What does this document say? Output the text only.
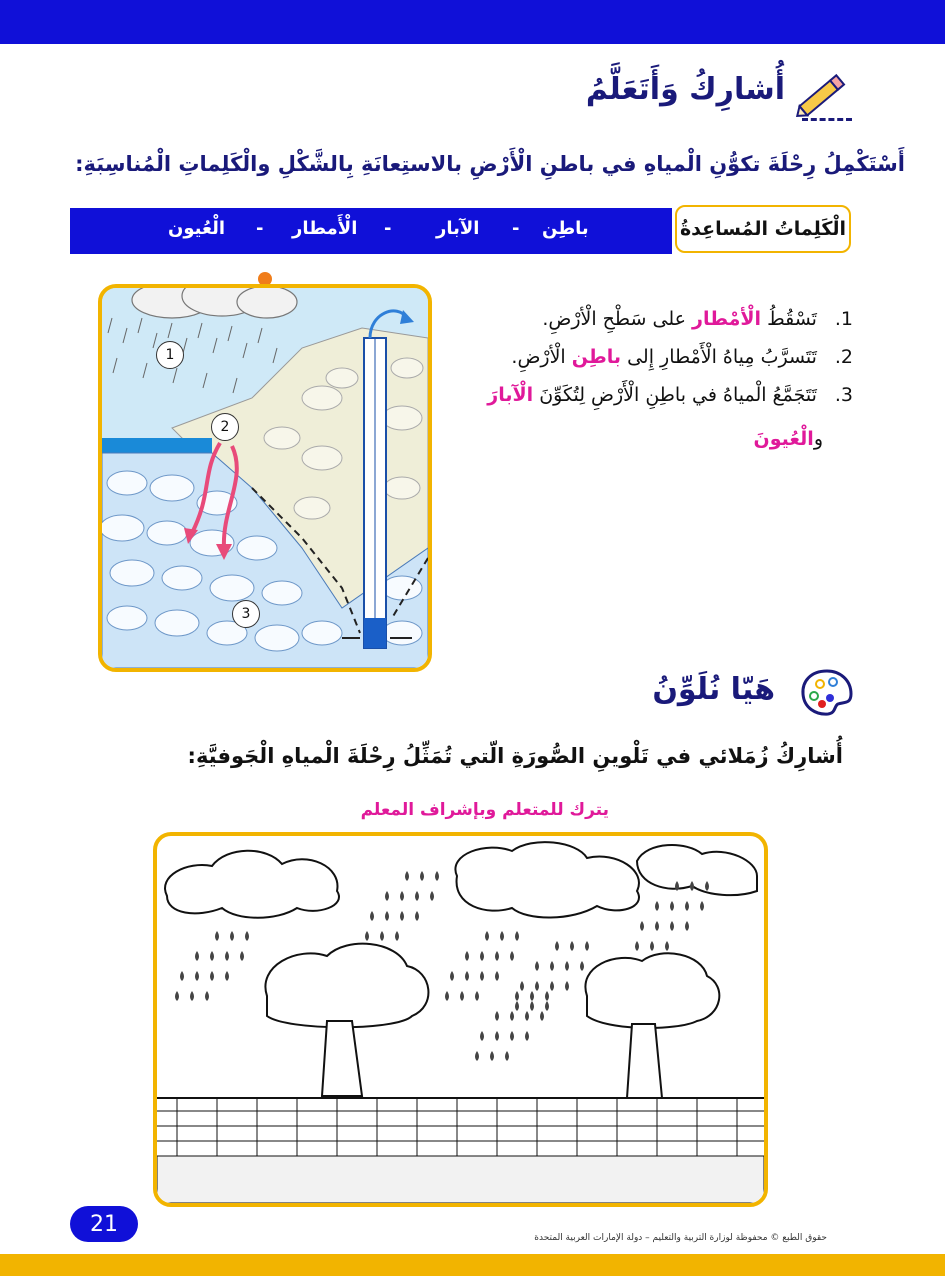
أُشارِكُ وَأَتَعَلَّمُ
أَسْتَكْمِلُ رِحْلَةَ تكوُّنِ الْمياهِ في باطنِ الْأَرْضِ بالاستِعانَةِ بِالشَّكْلِ والْكَلِماتِ الْمُناسِبَةِ:
الْكَلِماتُ المُساعِدةُ
باطِن
-
الآبار
-
الْأَمطار
-
الْعُيون
1
2
3
1. تَسْقُطُ الْأمْطار على سَطْحِ الْأرْضِ.
2. تَتَسرَّبُ مِياهُ الْأَمْطارِ إِلى باطِن الْأرْضِ.
3. تَتَجَمَّعُ الْمياهُ في باطِنِ الْأَرْضِ لِتُكَوِّنَ الْآبارَ
والْعُيونَ
هَيّا نُلَوِّنُ
أُشارِكُ زُمَلائي في تَلْوينِ الصُّورَةِ الّتي تُمَثِّلُ رِحْلَةَ الْمياهِ الْجَوفيَّةِ:
يترك للمتعلم وبإشراف المعلم
21
حقوق الطبع © محفوظة لوزارة التربية والتعليم – دولة الإمارات العربية المتحدة
